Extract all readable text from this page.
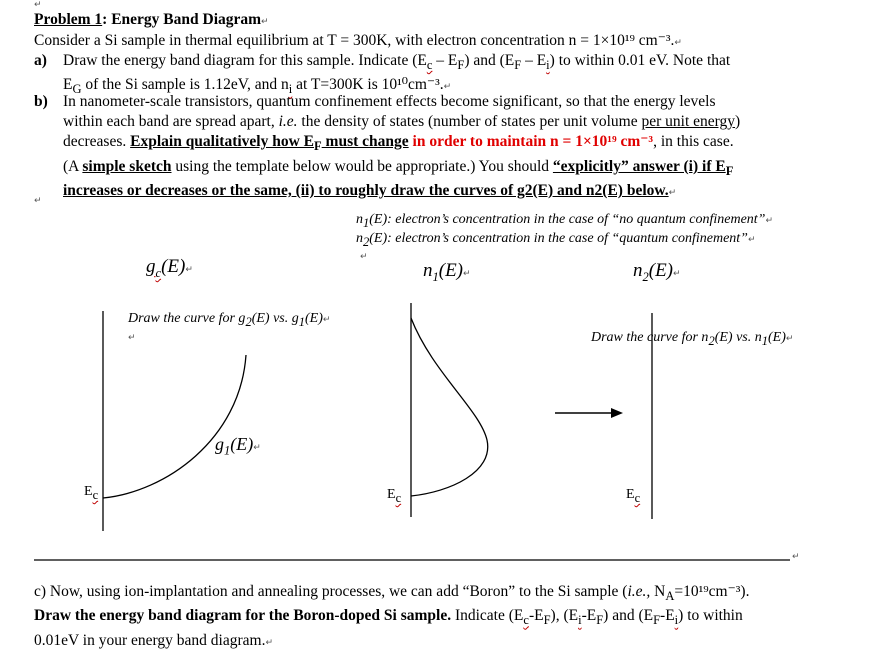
↵
Problem 1: Energy Band Diagram↵
Consider a Si sample in thermal equilibrium at T = 300K, with electron concentration n = 1×10¹⁹ cm⁻³.↵
a) Draw the energy band diagram for this sample. Indicate $(E_c - E_F)$ and $(E_F - E_i)$ to within 0.01 eV. Note that
$E_G$ of the Si sample is 1.12eV, and $n_i$ at T=300K is 10¹⁰cm⁻³.↵
b) In nanometer-scale transistors, quantum confinement effects become significant, so that the energy levels
within each band are spread apart, i.e. the density of states (number of states per unit volume per unit energy)
decreases. Explain qualitatively how $E_F$ must change in order to maintain n = 1×10¹⁹ cm⁻³, in this case.
(A simple sketch using the template below would be appropriate.) You should “explicitly” answer (i) if $E_F$
increases or decreases or the same, (ii) to roughly draw the curves of g2(E) and n2(E) below.↵
↵
$n_1(E)$: electron’s concentration in the case of “no quantum confinement”↵
$n_2(E)$: electron’s concentration in the case of “quantum confinement”↵
↵
$g_c(E)↵$	$n_1(E)↵$	$n_2(E)↵$
Draw the curve for $g_2(E)$ vs. $g_1(E)↵$
↵	Draw the curve for $n_2(E)$ vs. $n_1(E)↵$
$g_1(E)↵$
$E_c$	$E_c$	$E_c$
↵
c) Now, using ion-implantation and annealing processes, we can add “Boron” to the Si sample (i.e., $N_A=10^{19}cm^{-3}$).
Draw the energy band diagram for the Boron-doped Si sample. Indicate $(E_c-E_F)$, $(E_i-E_F)$ and $(E_F-E_i)$ to within
0.01eV in your energy band diagram.↵
